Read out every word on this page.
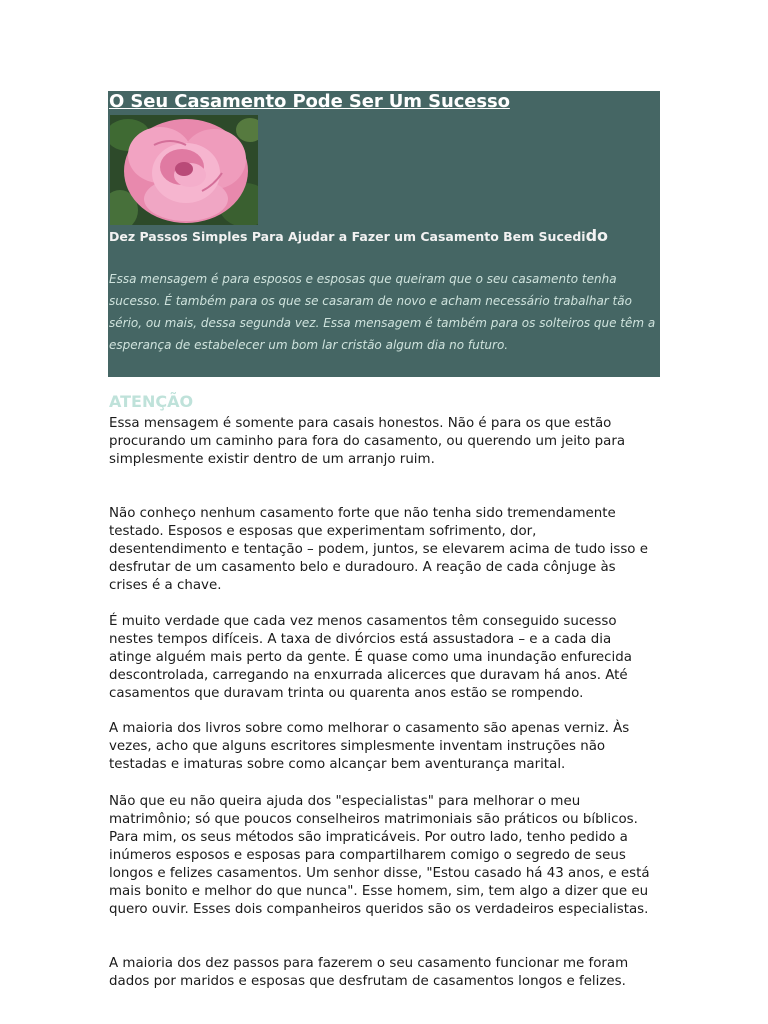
O Seu Casamento Pode Ser Um Sucesso

Dez Passos Simples Para Ajudar a Fazer um Casamento Bem Sucedido

Essa mensagem é para esposos e esposas que queiram que o seu casamento tenha sucesso. É também para os que se casaram de novo e acham necessário trabalhar tão sério, ou mais, dessa segunda vez. Essa mensagem é também para os solteiros que têm a esperança de estabelecer um bom lar cristão algum dia no futuro.

ATENÇÃO

Essa mensagem é somente para casais honestos. Não é para os que estão procurando um caminho para fora do casamento, ou querendo um jeito para simplesmente existir dentro de um arranjo ruim.

Não conheço nenhum casamento forte que não tenha sido tremendamente testado. Esposos e esposas que experimentam sofrimento, dor, desentendimento e tentação – podem, juntos, se elevarem acima de tudo isso e desfrutar de um casamento belo e duradouro. A reação de cada cônjuge às crises é a chave.

É muito verdade que cada vez menos casamentos têm conseguido sucesso nestes tempos difíceis. A taxa de divórcios está assustadora – e a cada dia atinge alguém mais perto da gente. É quase como uma inundação enfurecida descontrolada, carregando na enxurrada alicerces que duravam há anos. Até casamentos que duravam trinta ou quarenta anos estão se rompendo.

A maioria dos livros sobre como melhorar o casamento são apenas verniz. Às vezes, acho que alguns escritores simplesmente inventam instruções não testadas e imaturas sobre como alcançar bem aventurança marital.

Não que eu não queira ajuda dos "especialistas" para melhorar o meu matrimônio; só que poucos conselheiros matrimoniais são práticos ou bíblicos. Para mim, os seus métodos são impraticáveis. Por outro lado, tenho pedido a inúmeros esposos e esposas para compartilharem comigo o segredo de seus longos e felizes casamentos. Um senhor disse, "Estou casado há 43 anos, e está mais bonito e melhor do que nunca". Esse homem, sim, tem algo a dizer que eu quero ouvir. Esses dois companheiros queridos são os verdadeiros especialistas.

A maioria dos dez passos para fazerem o seu casamento funcionar me foram dados por maridos e esposas que desfrutam de casamentos longos e felizes.
